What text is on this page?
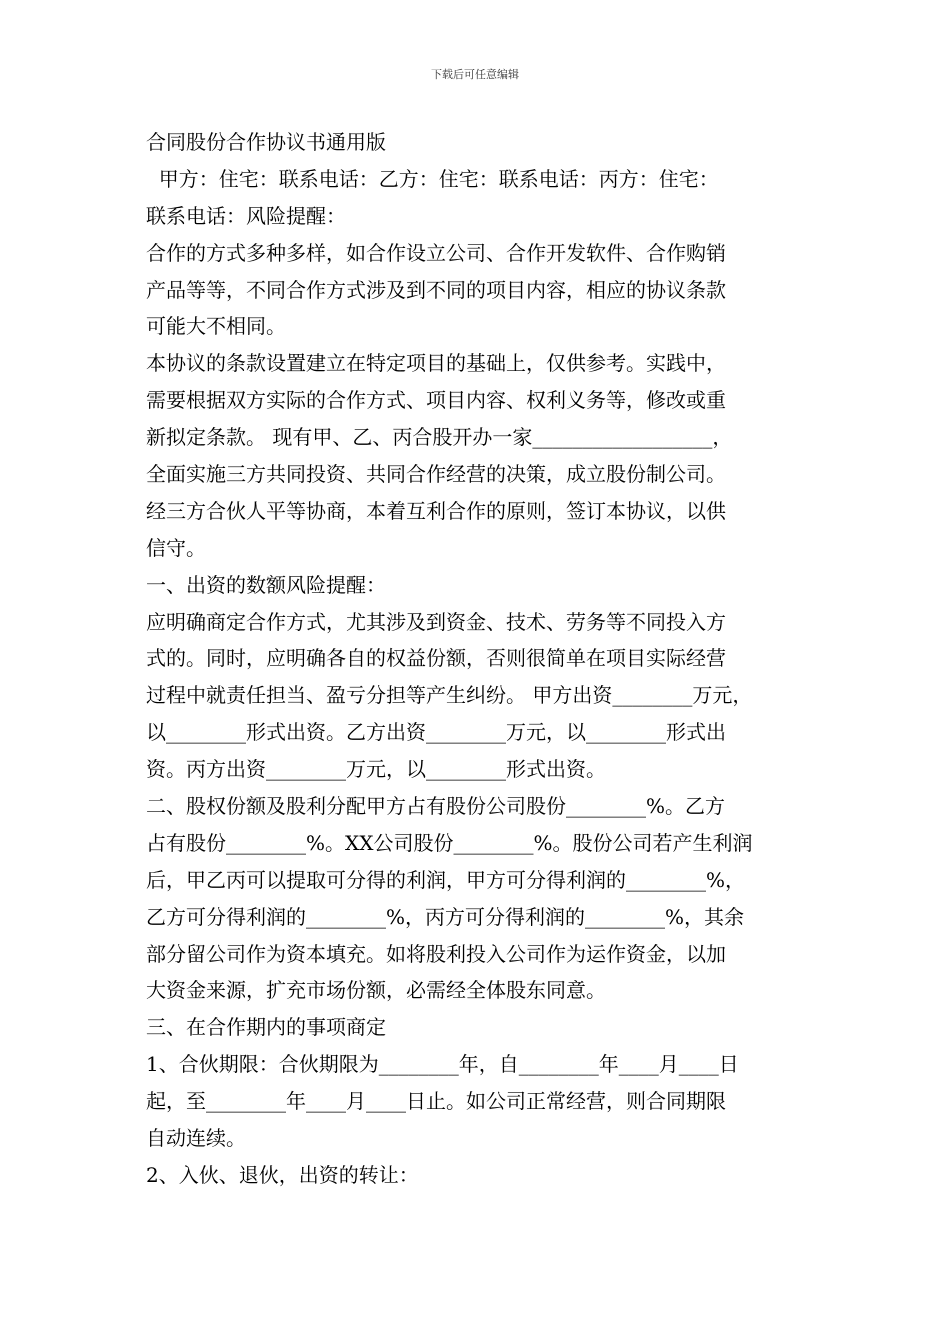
下载后可任意编辑
合同股份合作协议书通用版
甲方：住宅：联系电话：乙方：住宅：联系电话：丙方：住宅：
联系电话：风险提醒：
合作的方式多种多样，如合作设立公司、合作开发软件、合作购销
产品等等，不同合作方式涉及到不同的项目内容，相应的协议条款
可能大不相同。
本协议的条款设置建立在特定项目的基础上，仅供参考。实践中，
需要根据双方实际的合作方式、项目内容、权利义务等，修改或重
新拟定条款。 现有甲、乙、丙合股开办一家__________________，
全面实施三方共同投资、共同合作经营的决策，成立股份制公司。
经三方合伙人平等协商，本着互利合作的原则，签订本协议，以供
信守。
一、出资的数额风险提醒：
应明确商定合作方式，尤其涉及到资金、技术、劳务等不同投入方
式的。同时，应明确各自的权益份额，否则很简单在项目实际经营
过程中就责任担当、盈亏分担等产生纠纷。 甲方出资________万元，
以________形式出资。乙方出资________万元，以________形式出
资。丙方出资________万元，以________形式出资。
二、股权份额及股利分配甲方占有股份公司股份________%。乙方
占有股份________%。XX公司股份________%。股份公司若产生利润
后，甲乙丙可以提取可分得的利润，甲方可分得利润的________%，
乙方可分得利润的________%，丙方可分得利润的________%，其余
部分留公司作为资本填充。如将股利投入公司作为运作资金，以加
大资金来源，扩充市场份额，必需经全体股东同意。
三、在合作期内的事项商定
1、合伙期限：合伙期限为________年，自________年____月____日
起，至________年____月____日止。如公司正常经营，则合同期限
自动连续。
2、入伙、退伙，出资的转让：
